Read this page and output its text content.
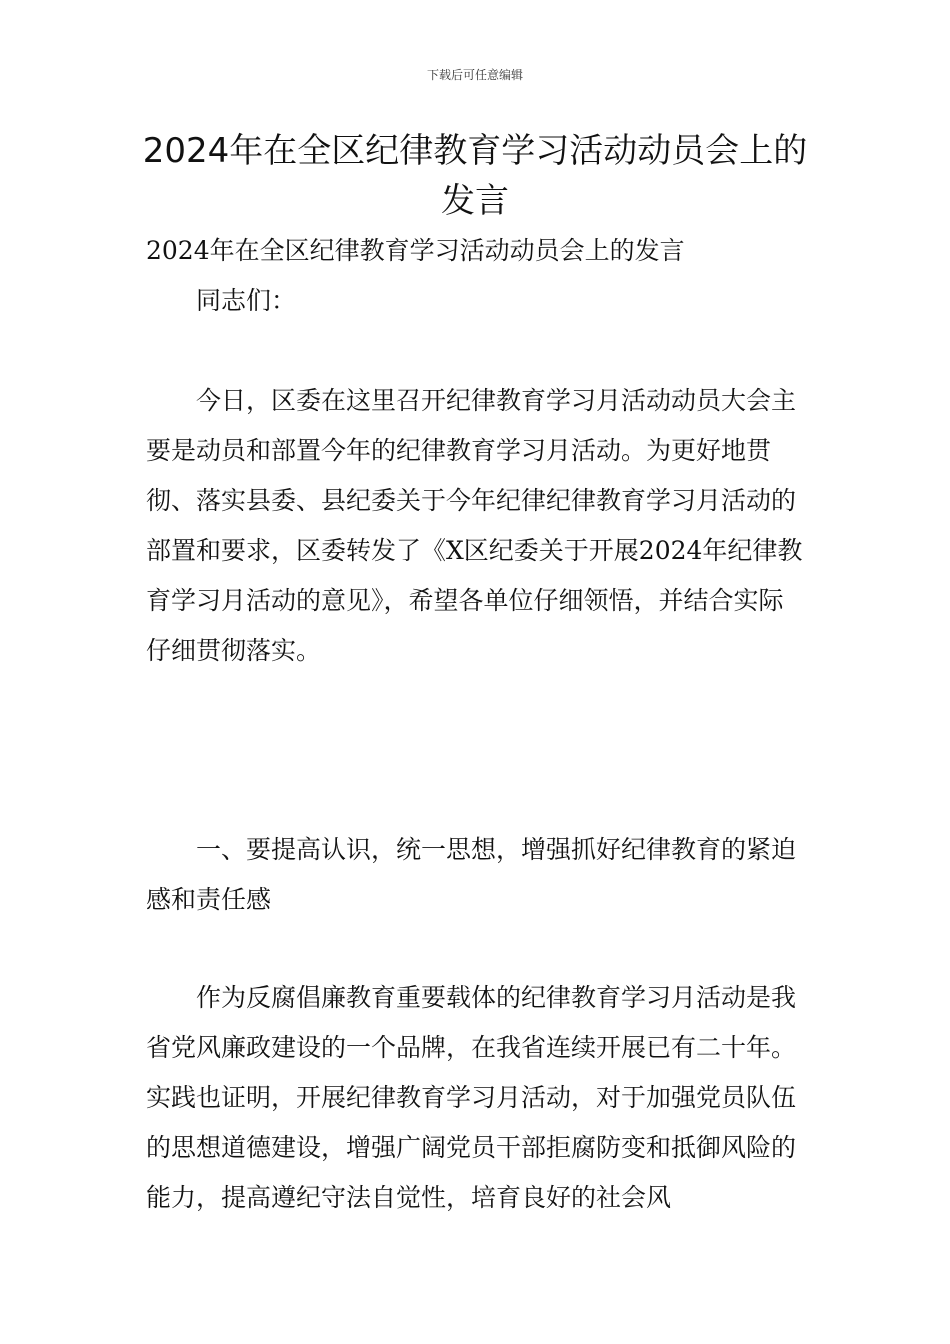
下载后可任意编辑
2024年在全区纪律教育学习活动动员会上的发言

2024年在全区纪律教育学习活动动员会上的发言

同志们：

今日，区委在这里召开纪律教育学习月活动动员大会主要是动员和部置今年的纪律教育学习月活动。为更好地贯彻、落实县委、县纪委关于今年纪律纪律教育学习月活动的部置和要求，区委转发了《X区纪委关于开展2024年纪律教育学习月活动的意见》，希望各单位仔细领悟，并结合实际仔细贯彻落实。

一、要提高认识，统一思想，增强抓好纪律教育的紧迫感和责任感

作为反腐倡廉教育重要载体的纪律教育学习月活动是我省党风廉政建设的一个品牌，在我省连续开展已有二十年。实践也证明，开展纪律教育学习月活动，对于加强党员队伍的思想道德建设，增强广阔党员干部拒腐防变和抵御风险的能力，提高遵纪守法自觉性，培育良好的社会风
